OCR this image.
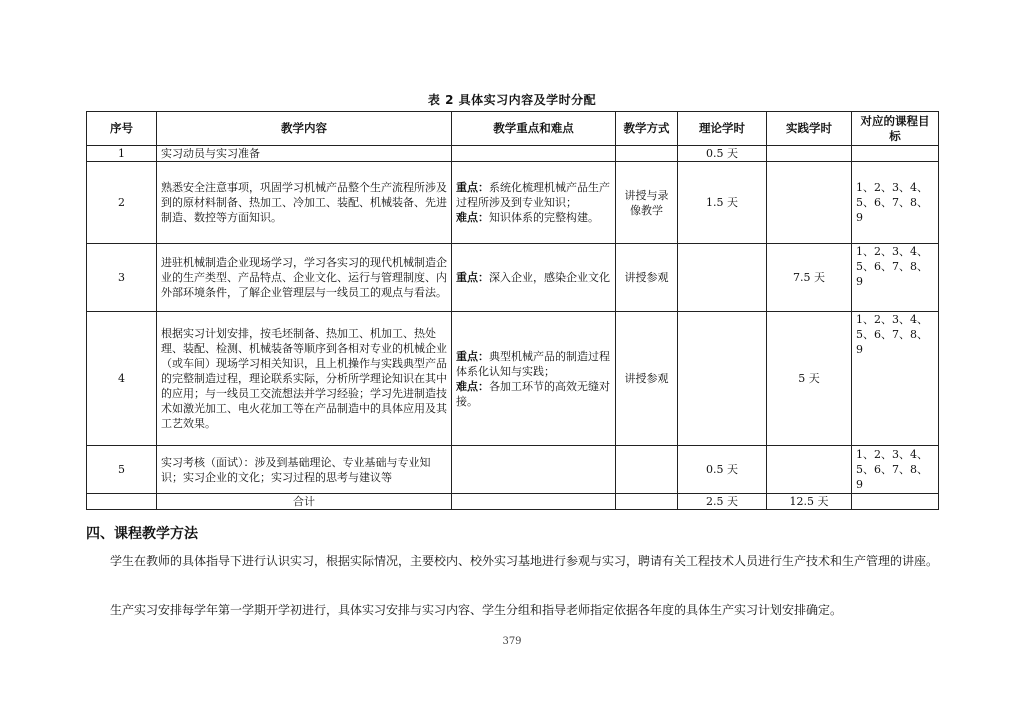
表 2 具体实习内容及学时分配
序号	教学内容	教学重点和难点	教学方式	理论学时	实践学时	对应的课程目标
1	实习动员与实习准备			0.5 天		
2	熟悉安全注意事项，巩固学习机械产品整个生产流程所涉及到的原材料制备、热加工、冷加工、装配、机械装备、先进制造、数控等方面知识。	重点：系统化梳理机械产品生产过程所涉及到专业知识；
难点：知识体系的完整构建。	讲授与录像教学	1.5 天		1、2、3、4、5、6、7、8、9
3	进驻机械制造企业现场学习，学习各实习的现代机械制造企业的生产类型、产品特点、企业文化、运行与管理制度、内外部环境条件，了解企业管理层与一线员工的观点与看法。	重点：深入企业，感染企业文化	讲授参观		7.5 天	1、2、3、4、5、6、7、8、9
4	根据实习计划安排，按毛坯制备、热加工、机加工、热处理、装配、检测、机械装备等顺序到各相对专业的机械企业（或车间）现场学习相关知识，且上机操作与实践典型产品的完整制造过程，理论联系实际，分析所学理论知识在其中的应用；与一线员工交流想法并学习经验；学习先进制造技术如激光加工、电火花加工等在产品制造中的具体应用及其工艺效果。	重点：典型机械产品的制造过程体系化认知与实践；
难点：各加工环节的高效无缝对接。	讲授参观		5 天	1、2、3、4、5、6、7、8、9
5	实习考核（面试）：涉及到基础理论、专业基础与专业知识；实习企业的文化；实习过程的思考与建议等			0.5 天		1、2、3、4、5、6、7、8、9
	合计			2.5 天	12.5 天	
四、课程教学方法
学生在教师的具体指导下进行认识实习，根据实际情况，主要校内、校外实习基地进行参观与实习，聘请有关工程技术人员进行生产技术和生产管理的讲座。
生产实习安排每学年第一学期开学初进行，具体实习安排与实习内容、学生分组和指导老师指定依据各年度的具体生产实习计划安排确定。
379
